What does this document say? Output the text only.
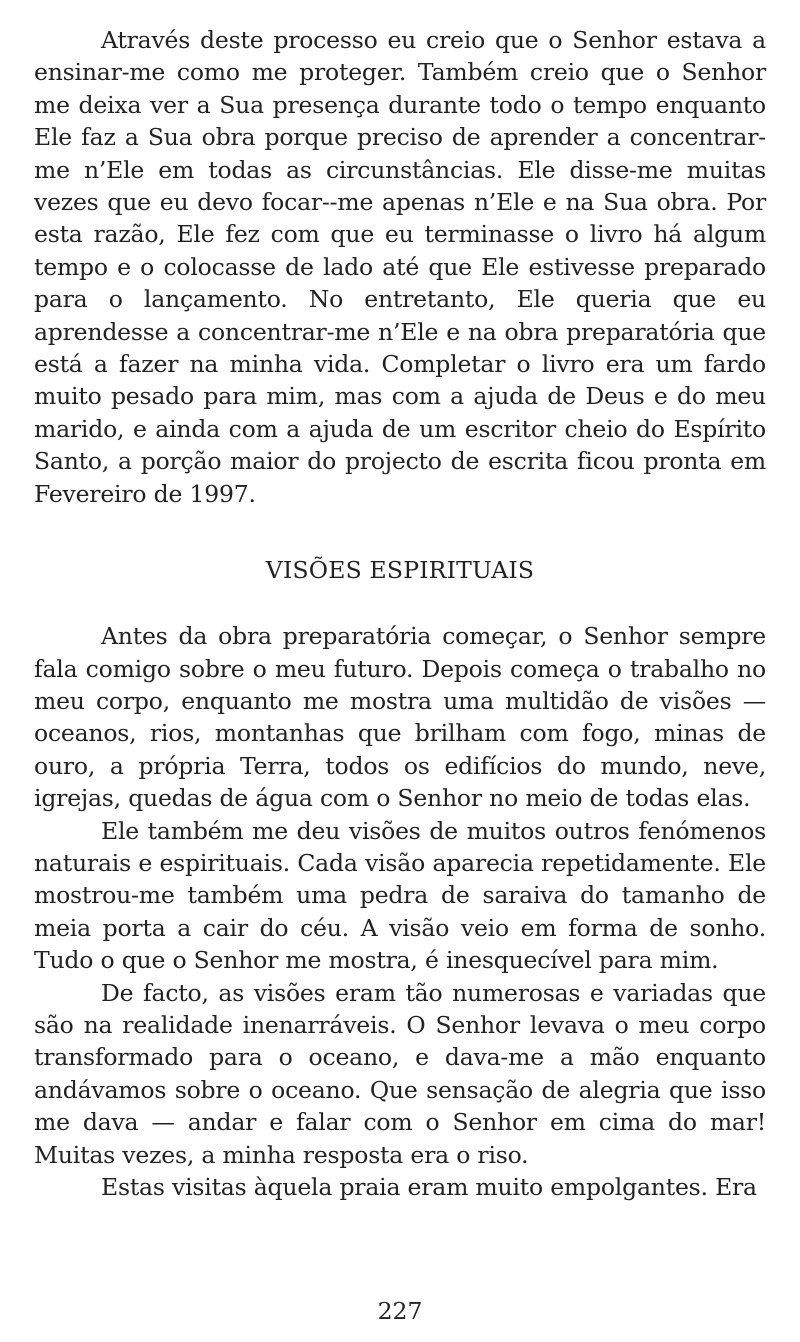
Através deste processo eu creio que o Senhor estava a ensinar-me como me proteger. Também creio que o Senhor me deixa ver a Sua presença durante todo o tempo enquanto Ele faz a Sua obra porque preciso de aprender a concentrar-me n’Ele em todas as circunstâncias. Ele disse-me muitas vezes que eu devo focar--me apenas n’Ele e na Sua obra. Por esta razão, Ele fez com que eu terminasse o livro há algum tempo e o colocasse de lado até que Ele estivesse preparado para o lançamento. No entretanto, Ele queria que eu aprendesse a concentrar-me n’Ele e na obra preparatória que está a fazer na minha vida. Completar o livro era um fardo muito pesado para mim, mas com a ajuda de Deus e do meu marido, e ainda com a ajuda de um escritor cheio do Espírito Santo, a porção maior do projecto de escrita ficou pronta em Fevereiro de 1997.

VISÕES ESPIRITUAIS

Antes da obra preparatória começar, o Senhor sempre fala comigo sobre o meu futuro. Depois começa o trabalho no meu corpo, enquanto me mostra uma multidão de visões — oceanos, rios, montanhas que brilham com fogo, minas de ouro, a própria Terra, todos os edifícios do mundo, neve, igrejas, quedas de água com o Senhor no meio de todas elas.

Ele também me deu visões de muitos outros fenómenos naturais e espirituais. Cada visão aparecia repetidamente. Ele mostrou-me também uma pedra de saraiva do tamanho de meia porta a cair do céu. A visão veio em forma de sonho. Tudo o que o Senhor me mostra, é inesquecível para mim.

De facto, as visões eram tão numerosas e variadas que são na realidade inenarráveis. O Senhor levava o meu corpo transformado para o oceano, e dava-me a mão enquanto andávamos sobre o oceano. Que sensação de alegria que isso me dava — andar e falar com o Senhor em cima do mar! Muitas vezes, a minha resposta era o riso.

Estas visitas àquela praia eram muito empolgantes. Era

227
